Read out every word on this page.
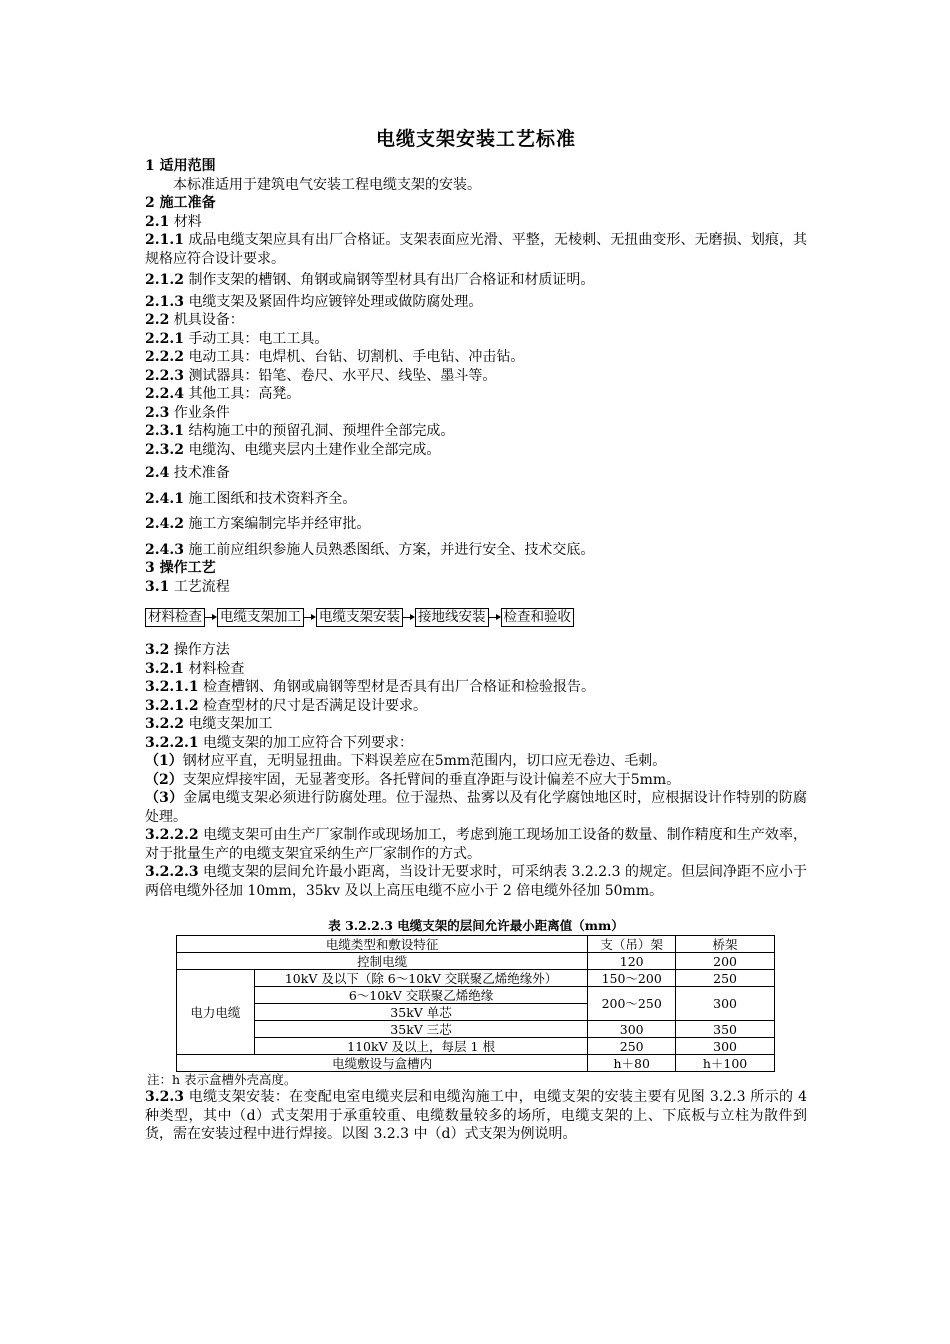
电缆支架安装工艺标准

1 适用范围

本标准适用于建筑电气安装工程电缆支架的安装。

2 施工准备

2.1 材料

2.1.1 成品电缆支架应具有出厂合格证。支架表面应光滑、平整，无棱刺、无扭曲变形、无磨损、划痕，其规格应符合设计要求。

2.1.2 制作支架的槽钢、角钢或扁钢等型材具有出厂合格证和材质证明。

2.1.3 电缆支架及紧固件均应镀锌处理或做防腐处理。

2.2 机具设备：

2.2.1 手动工具：电工工具。

2.2.2 电动工具：电焊机、台钻、切割机、手电钻、冲击钻。

2.2.3 测试器具：铅笔、卷尺、水平尺、线坠、墨斗等。

2.2.4 其他工具：高凳。

2.3 作业条件

2.3.1 结构施工中的预留孔洞、预埋件全部完成。

2.3.2 电缆沟、电缆夹层内土建作业全部完成。

2.4 技术准备

2.4.1 施工图纸和技术资料齐全。

2.4.2 施工方案编制完毕并经审批。

2.4.3 施工前应组织参施人员熟悉图纸、方案，并进行安全、技术交底。

3 操作工艺

3.1 工艺流程

材料检查 电缆支架加工 电缆支架安装 接地线安装 检查和验收

3.2 操作方法

3.2.1 材料检查

3.2.1.1 检查槽钢、角钢或扁钢等型材是否具有出厂合格证和检验报告。

3.2.1.2 检查型材的尺寸是否满足设计要求。

3.2.2 电缆支架加工

3.2.2.1 电缆支架的加工应符合下列要求：

（1）钢材应平直，无明显扭曲。下料误差应在5mm范围内，切口应无卷边、毛刺。

（2）支架应焊接牢固，无显著变形。各托臂间的垂直净距与设计偏差不应大于5mm。

（3）金属电缆支架必须进行防腐处理。位于湿热、盐雾以及有化学腐蚀地区时，应根据设计作特别的防腐处理。

3.2.2.2 电缆支架可由生产厂家制作或现场加工，考虑到施工现场加工设备的数量、制作精度和生产效率，对于批量生产的电缆支架宜采纳生产厂家制作的方式。

3.2.2.3 电缆支架的层间允许最小距离，当设计无要求时，可采纳表 3.2.2.3 的规定。但层间净距不应小于两倍电缆外径加 10mm，35kv 及以上高压电缆不应小于 2 倍电缆外径加 50mm。

表 3.2.2.3 电缆支架的层间允许最小距离值（mm）
电缆类型和敷设特征		支（吊）架	桥架
控制电缆		120	200
电力电缆	10kV 及以下（除 6～10kV 交联聚乙烯绝缘外）	150～200	250
	6～10kV 交联聚乙烯绝缘	200～250	300
	35kV 单芯		
	35kV 三芯	300	350
	110kV 及以上，每层 1 根	250	300
电缆敷设与盒槽内		h＋80	h＋100

注：h 表示盒槽外壳高度。

3.2.3 电缆支架安装：在变配电室电缆夹层和电缆沟施工中，电缆支架的安装主要有见图 3.2.3 所示的 4 种类型，其中（d）式支架用于承重较重、电缆数量较多的场所，电缆支架的上、下底板与立柱为散件到货，需在安装过程中进行焊接。以图 3.2.3 中（d）式支架为例说明。
